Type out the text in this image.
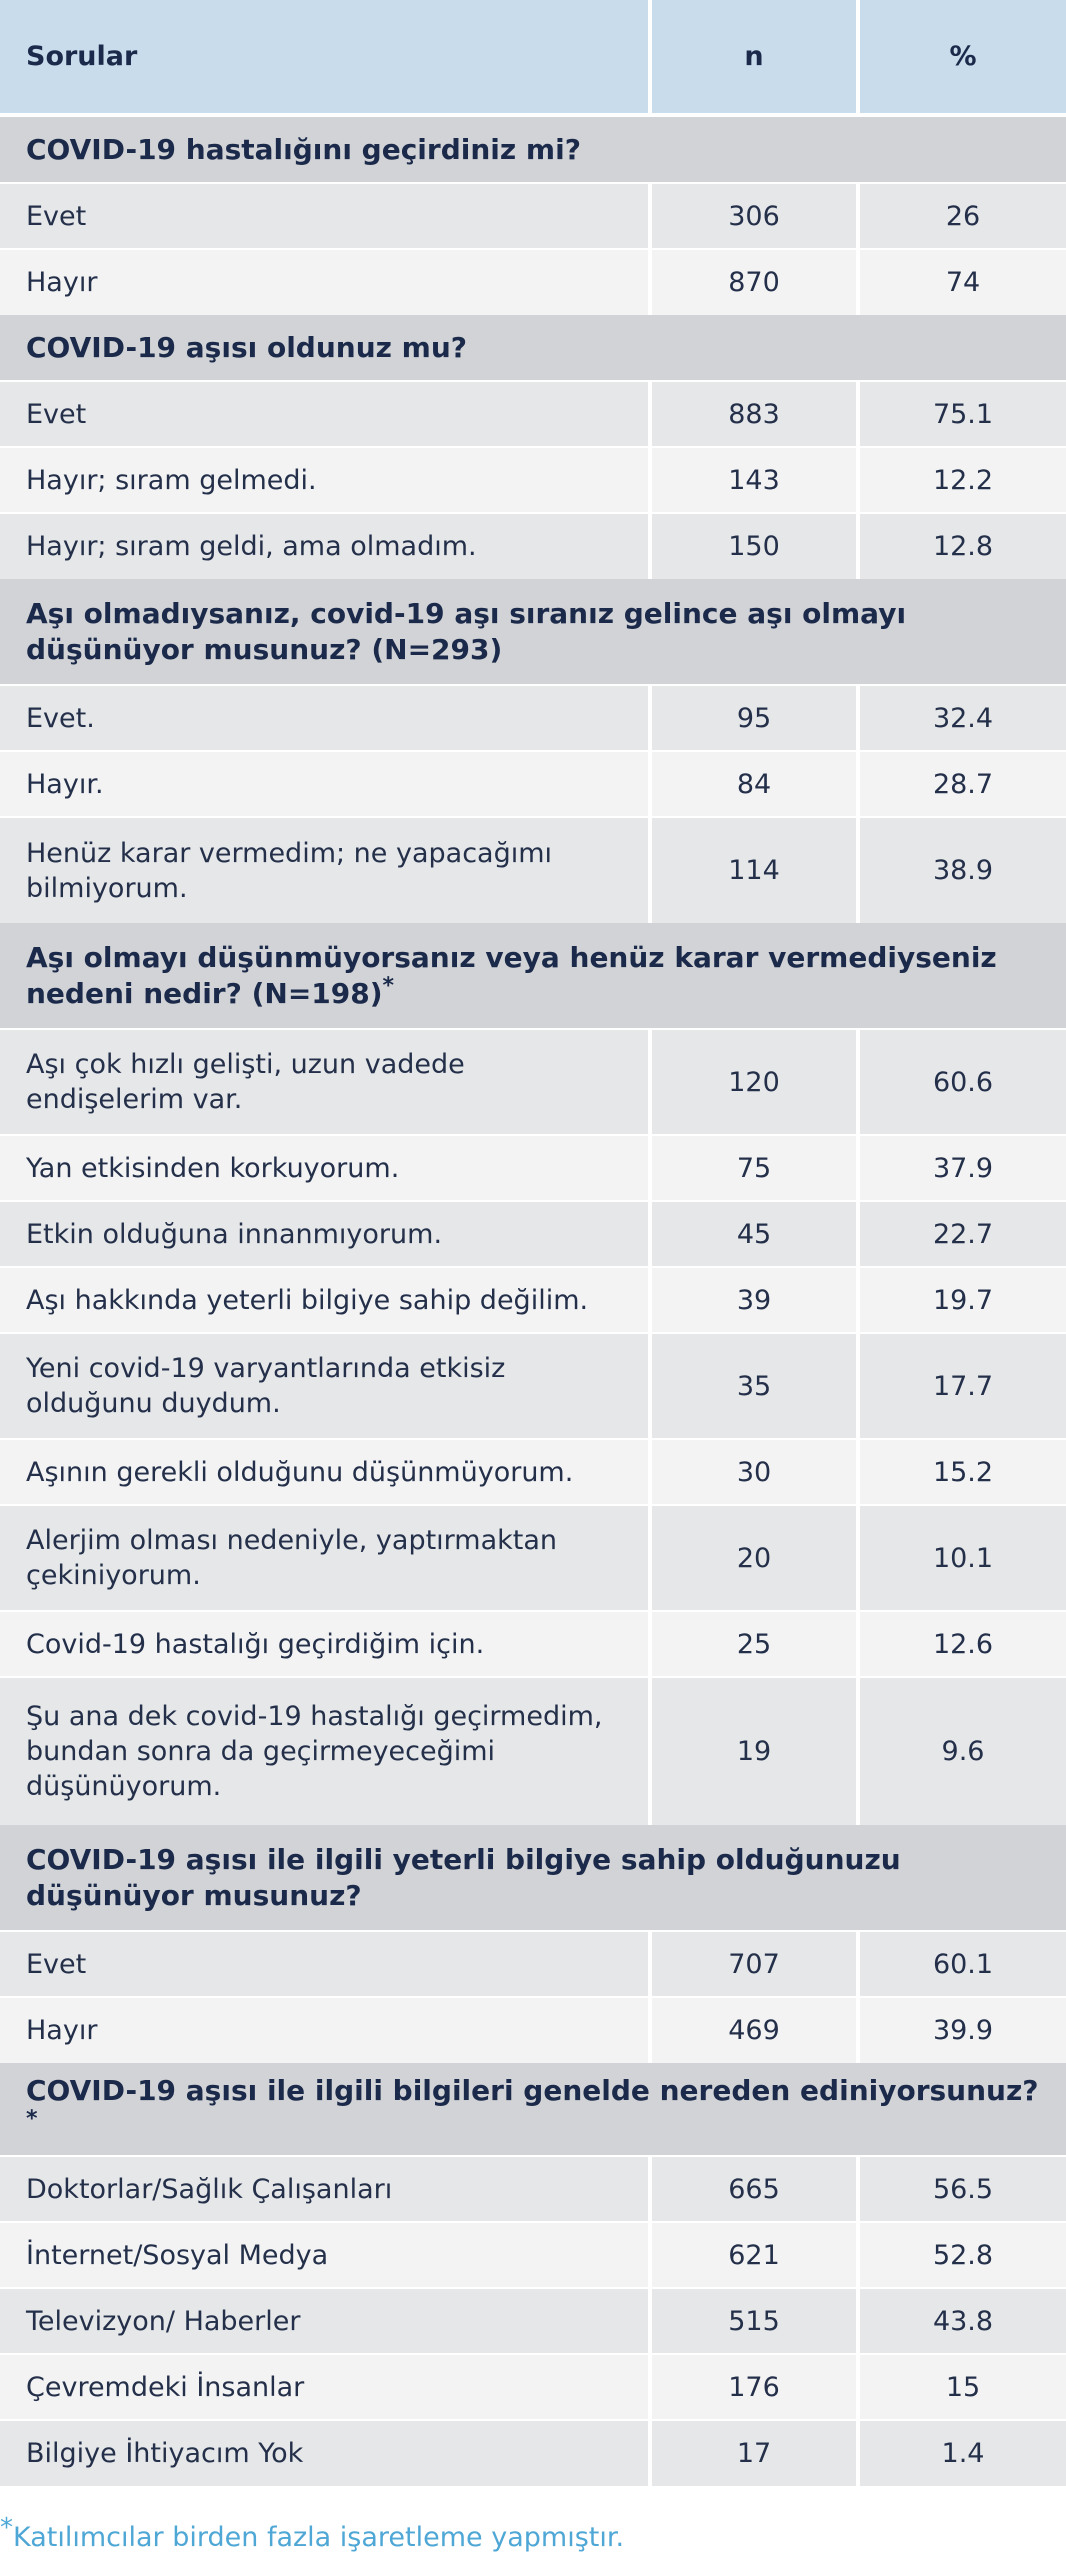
Sorular	n	%

COVID-19 hastalığını geçirdiniz mi?		
Evet	306	26
Hayır	870	74
COVID-19 aşısı oldunuz mu?		
Evet	883	75.1
Hayır; sıram gelmedi.	143	12.2
Hayır; sıram geldi, ama olmadım.	150	12.8
Aşı olmadıysanız, covid-19 aşı sıranız gelince aşı olmayı düşünüyor musunuz? (N=293)		
Evet.	95	32.4
Hayır.	84	28.7
Henüz karar vermedim; ne yapacağımı bilmiyorum.	114	38.9
Aşı olmayı düşünmüyorsanız veya henüz karar vermediyseniz nedeni nedir? (N=198)*
Aşı çok hızlı gelişti, uzun vadede endişelerim var.	120	60.6
Yan etkisinden korkuyorum.	75	37.9
Etkin olduğuna innanmıyorum.	45	22.7
Aşı hakkında yeterli bilgiye sahip değilim.	39	19.7
Yeni covid-19 varyantlarında etkisiz olduğunu duydum.	35	17.7
Aşının gerekli olduğunu düşünmüyorum.	30	15.2
Alerjim olması nedeniyle, yaptırmaktan çekiniyorum.	20	10.1
Covid-19 hastalığı geçirdiğim için.	25	12.6
Şu ana dek covid-19 hastalığı geçirmedim, bundan sonra da geçirmeyeceğimi düşünüyorum.	19	9.6
COVID-19 aşısı ile ilgili yeterli bilgiye sahip olduğunuzu düşünüyor musunuz?		
Evet	707	60.1
Hayır	469	39.9
COVID-19 aşısı ile ilgili bilgileri genelde nereden ediniyorsunuz? *
Doktorlar/Sağlık Çalışanları	665	56.5
İnternet/Sosyal Medya	621	52.8
Televizyon/ Haberler	515	43.8
Çevremdeki İnsanlar	176	15
Bilgiye İhtiyacım Yok	17	1.4
*Katılımcılar birden fazla işaretleme yapmıştır.
